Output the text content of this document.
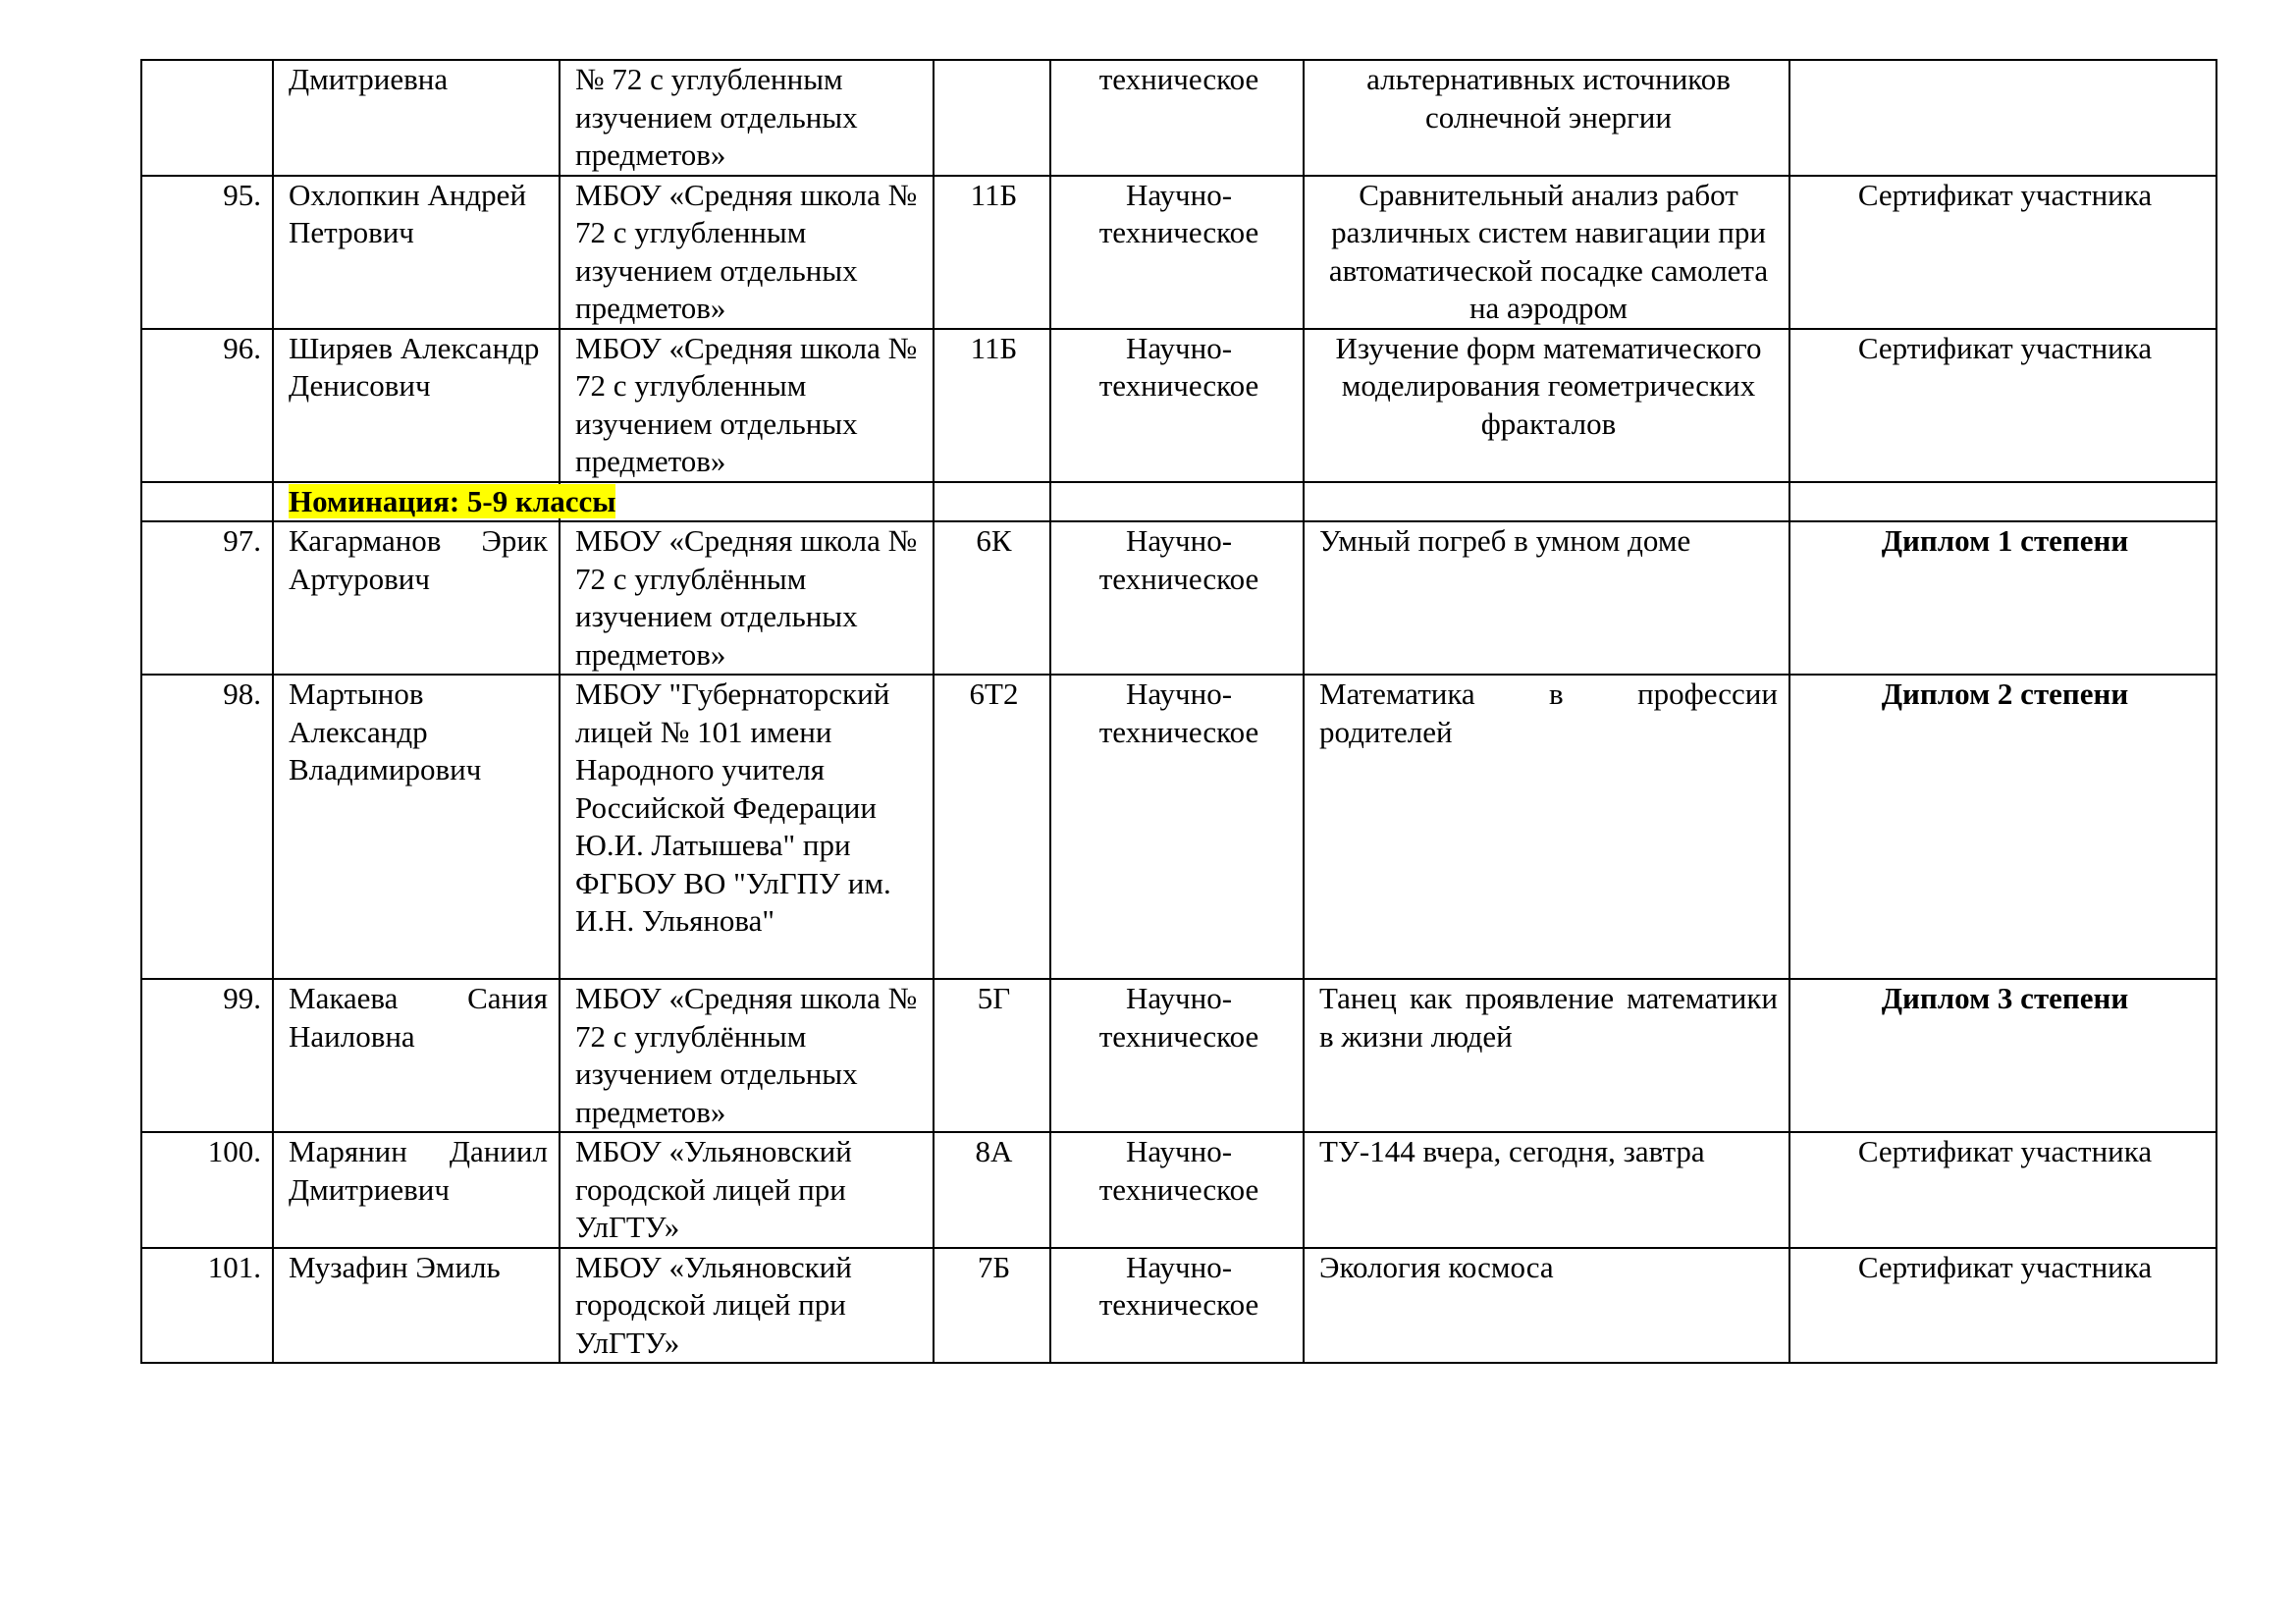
	Дмитриевна	№ 72 с углубленным изучением отдельных предметов»		техническое	альтернативных источников солнечной энергии	
95.	Охлопкин Андрей Петрович	МБОУ «Средняя школа № 72 с углубленным изучением отдельных предметов»	11Б	Научно-техническое	Сравнительный анализ работ различных систем навигации при автоматической посадке самолета на аэродром	Сертификат участника
96.	Ширяев Александр Денисович	МБОУ «Средняя школа № 72 с углубленным изучением отдельных предметов»	11Б	Научно-техническое	Изучение форм математического моделирования геометрических фракталов	Сертификат участника
	Номинация: 5-9 классы					
97.	Кагарманов Эрик Артурович	МБОУ «Средняя школа № 72 с углублённым изучением отдельных предметов»	6К	Научно-техническое	Умный погреб в умном доме	Диплом 1 степени
98.	Мартынов Александр Владимирович	МБОУ "Губернаторский лицей № 101 имени Народного учителя Российской Федерации Ю.И. Латышева" при ФГБОУ ВО "УлГПУ им. И.Н. Ульянова"	6Т2	Научно-техническое	Математика в профессии родителей	Диплом 2 степени
99.	Макаева Сания Наиловна	МБОУ «Средняя школа № 72 с углублённым изучением отдельных предметов»	5Г	Научно-техническое	Танец как проявление математики в жизни людей	Диплом 3 степени
100.	Марянин Даниил Дмитриевич	МБОУ «Ульяновский городской лицей при УлГТУ»	8А	Научно-техническое	ТУ-144 вчера, сегодня, завтра	Сертификат участника
101.	Музафин Эмиль	МБОУ «Ульяновский городской лицей при УлГТУ»	7Б	Научно-техническое	Экология космоса	Сертификат участника
